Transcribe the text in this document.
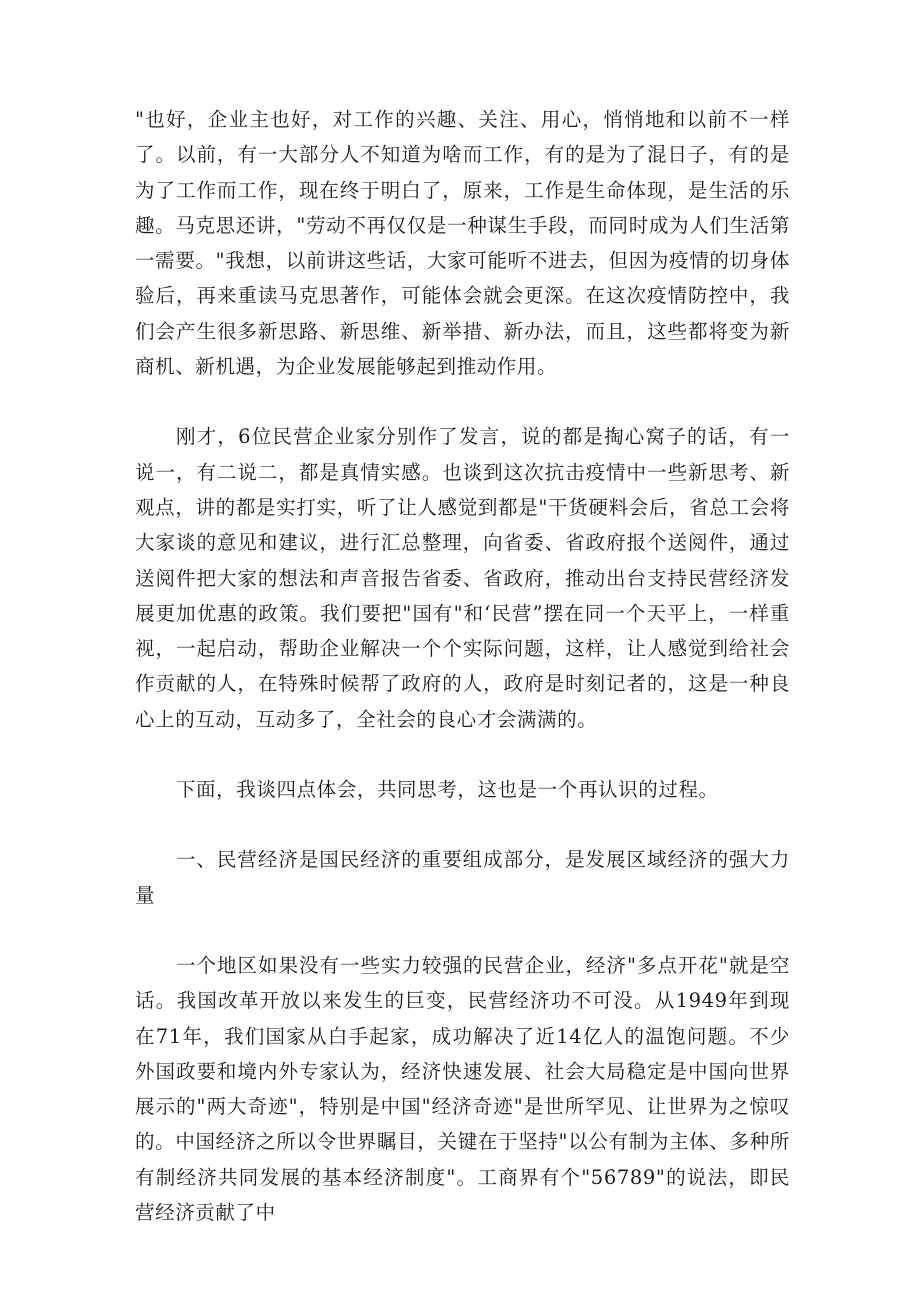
"也好，企业主也好，对工作的兴趣、关注、用心，悄悄地和以前不一样了。以前，有一大部分人不知道为啥而工作，有的是为了混日子，有的是为了工作而工作，现在终于明白了，原来，工作是生命体现，是生活的乐趣。马克思还讲，"劳动不再仅仅是一种谋生手段，而同时成为人们生活第一需要。"我想，以前讲这些话，大家可能听不进去，但因为疫情的切身体验后，再来重读马克思著作，可能体会就会更深。在这次疫情防控中，我们会产生很多新思路、新思维、新举措、新办法，而且，这些都将变为新商机、新机遇，为企业发展能够起到推动作用。

刚才，6位民营企业家分别作了发言，说的都是掏心窝子的话，有一说一，有二说二，都是真情实感。也谈到这次抗击疫情中一些新思考、新观点，讲的都是实打实，听了让人感觉到都是"干货硬料会后，省总工会将大家谈的意见和建议，进行汇总整理，向省委、省政府报个送阅件，通过送阅件把大家的想法和声音报告省委、省政府，推动出台支持民营经济发展更加优惠的政策。我们要把"国有"和‘民营”摆在同一个天平上，一样重视，一起启动，帮助企业解决一个个实际问题，这样，让人感觉到给社会作贡献的人，在特殊时候帮了政府的人，政府是时刻记者的，这是一种良心上的互动，互动多了，全社会的良心才会满满的。

下面，我谈四点体会，共同思考，这也是一个再认识的过程。

一、民营经济是国民经济的重要组成部分，是发展区域经济的强大力量

一个地区如果没有一些实力较强的民营企业，经济"多点开花"就是空话。我国改革开放以来发生的巨变，民营经济功不可没。从1949年到现在71年，我们国家从白手起家，成功解决了近14亿人的温饱问题。不少外国政要和境内外专家认为，经济快速发展、社会大局稳定是中国向世界展示的"两大奇迹"，特别是中国"经济奇迹"是世所罕见、让世界为之惊叹的。中国经济之所以令世界瞩目，关键在于坚持"以公有制为主体、多种所有制经济共同发展的基本经济制度"。工商界有个"56789"的说法，即民营经济贡献了中
